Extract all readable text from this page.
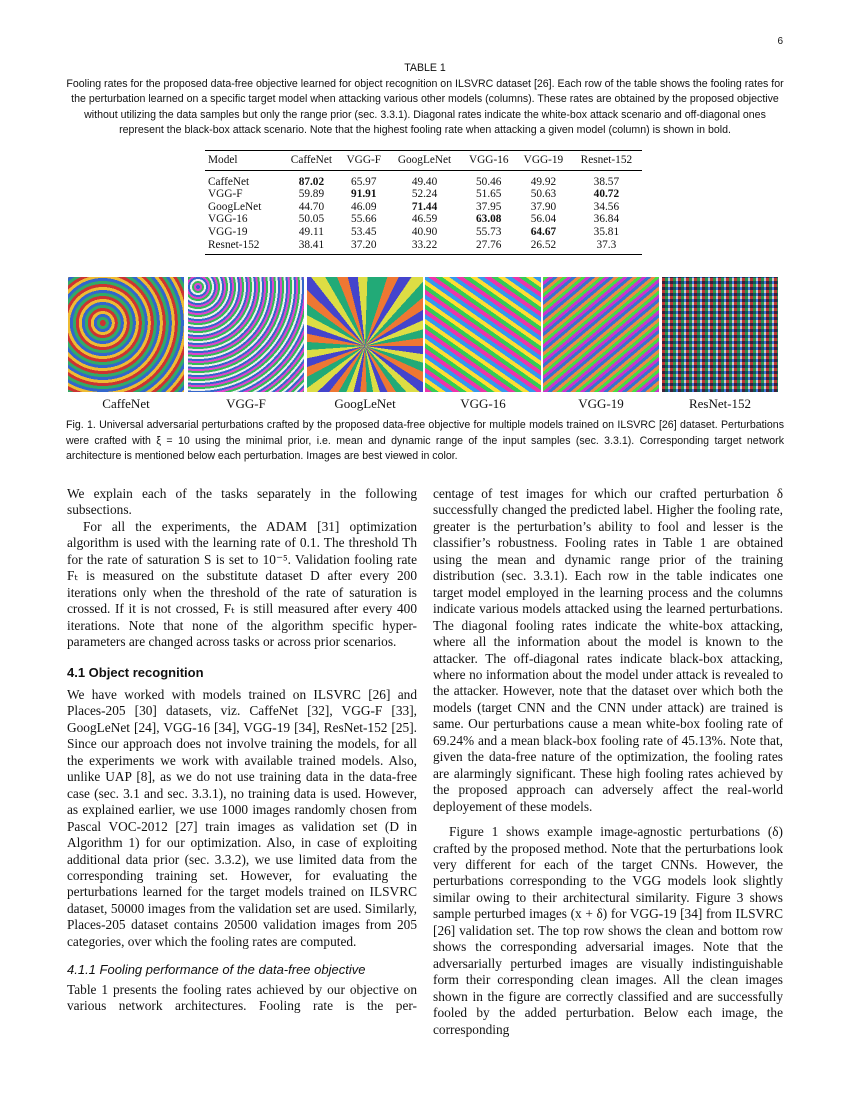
6
TABLE 1
Fooling rates for the proposed data-free objective learned for object recognition on ILSVRC dataset [26]. Each row of the table shows the fooling rates for the perturbation learned on a specific target model when attacking various other models (columns). These rates are obtained by the proposed objective without utilizing the data samples but only the range prior (sec. 3.3.1). Diagonal rates indicate the white-box attack scenario and off-diagonal ones represent the black-box attack scenario. Note that the highest fooling rate when attacking a given model (column) is shown in bold.
Model	CaffeNet	VGG-F	GoogLeNet	VGG-16	VGG-19	Resnet-152
CaffeNet	87.02	65.97	49.40	50.46	49.92	38.57
VGG-F	59.89	91.91	52.24	51.65	50.63	40.72
GoogLeNet	44.70	46.09	71.44	37.95	37.90	34.56
VGG-16	50.05	55.66	46.59	63.08	56.04	36.84
VGG-19	49.11	53.45	40.90	55.73	64.67	35.81
Resnet-152	38.41	37.20	33.22	27.76	26.52	37.3
CaffeNet	VGG-F	GoogLeNet	VGG-16	VGG-19	ResNet-152
Fig. 1. Universal adversarial perturbations crafted by the proposed data-free objective for multiple models trained on ILSVRC [26] dataset. Perturbations were crafted with ξ = 10 using the minimal prior, i.e. mean and dynamic range of the input samples (sec. 3.3.1). Corresponding target network architecture is mentioned below each perturbation. Images are best viewed in color.

We explain each of the tasks separately in the following subsections.

For all the experiments, the ADAM [31] optimization algorithm is used with the learning rate of 0.1. The threshold Th for the rate of saturation S is set to 10⁻⁵. Validation fooling rate Fₜ is measured on the substitute dataset D after every 200 iterations only when the threshold of the rate of saturation is crossed. If it is not crossed, Fₜ is still measured after every 400 iterations. Note that none of the algorithm specific hyper-parameters are changed across tasks or across prior scenarios.

4.1 Object recognition

We have worked with models trained on ILSVRC [26] and Places-205 [30] datasets, viz. CaffeNet [32], VGG-F [33], GoogLeNet [24], VGG-16 [34], VGG-19 [34], ResNet-152 [25]. Since our approach does not involve training the models, for all the experiments we work with available trained models. Also, unlike UAP [8], as we do not use training data in the data-free case (sec. 3.1 and sec. 3.3.1), no training data is used. However, as explained earlier, we use 1000 images randomly chosen from Pascal VOC-2012 [27] train images as validation set (D in Algorithm 1) for our optimization. Also, in case of exploiting additional data prior (sec. 3.3.2), we use limited data from the corresponding training set. However, for evaluating the perturbations learned for the target models trained on ILSVRC dataset, 50000 images from the validation set are used. Similarly, Places-205 dataset contains 20500 validation images from 205 categories, over which the fooling rates are computed.

4.1.1 Fooling performance of the data-free objective

Table 1 presents the fooling rates achieved by our objective on various network architectures. Fooling rate is the per-

centage of test images for which our crafted perturbation δ successfully changed the predicted label. Higher the fooling rate, greater is the perturbation’s ability to fool and lesser is the classifier’s robustness. Fooling rates in Table 1 are obtained using the mean and dynamic range prior of the training distribution (sec. 3.3.1). Each row in the table indicates one target model employed in the learning process and the columns indicate various models attacked using the learned perturbations. The diagonal fooling rates indicate the white-box attacking, where all the information about the model is known to the attacker. The off-diagonal rates indicate black-box attacking, where no information about the model under attack is revealed to the attacker. However, note that the dataset over which both the models (target CNN and the CNN under attack) are trained is same. Our perturbations cause a mean white-box fooling rate of 69.24% and a mean black-box fooling rate of 45.13%. Note that, given the data-free nature of the optimization, the fooling rates are alarmingly significant. These high fooling rates achieved by the proposed approach can adversely affect the real-world deployement of these models.

Figure 1 shows example image-agnostic perturbations (δ) crafted by the proposed method. Note that the perturbations look very different for each of the target CNNs. However, the perturbations corresponding to the VGG models look slightly similar owing to their architectural similarity. Figure 3 shows sample perturbed images (x + δ) for VGG-19 [34] from ILSVRC [26] validation set. The top row shows the clean and bottom row shows the corresponding adversarial images. Note that the adversarially perturbed images are visually indistinguishable form their corresponding clean images. All the clean images shown in the figure are correctly classified and are successfully fooled by the added perturbation. Below each image, the corresponding
